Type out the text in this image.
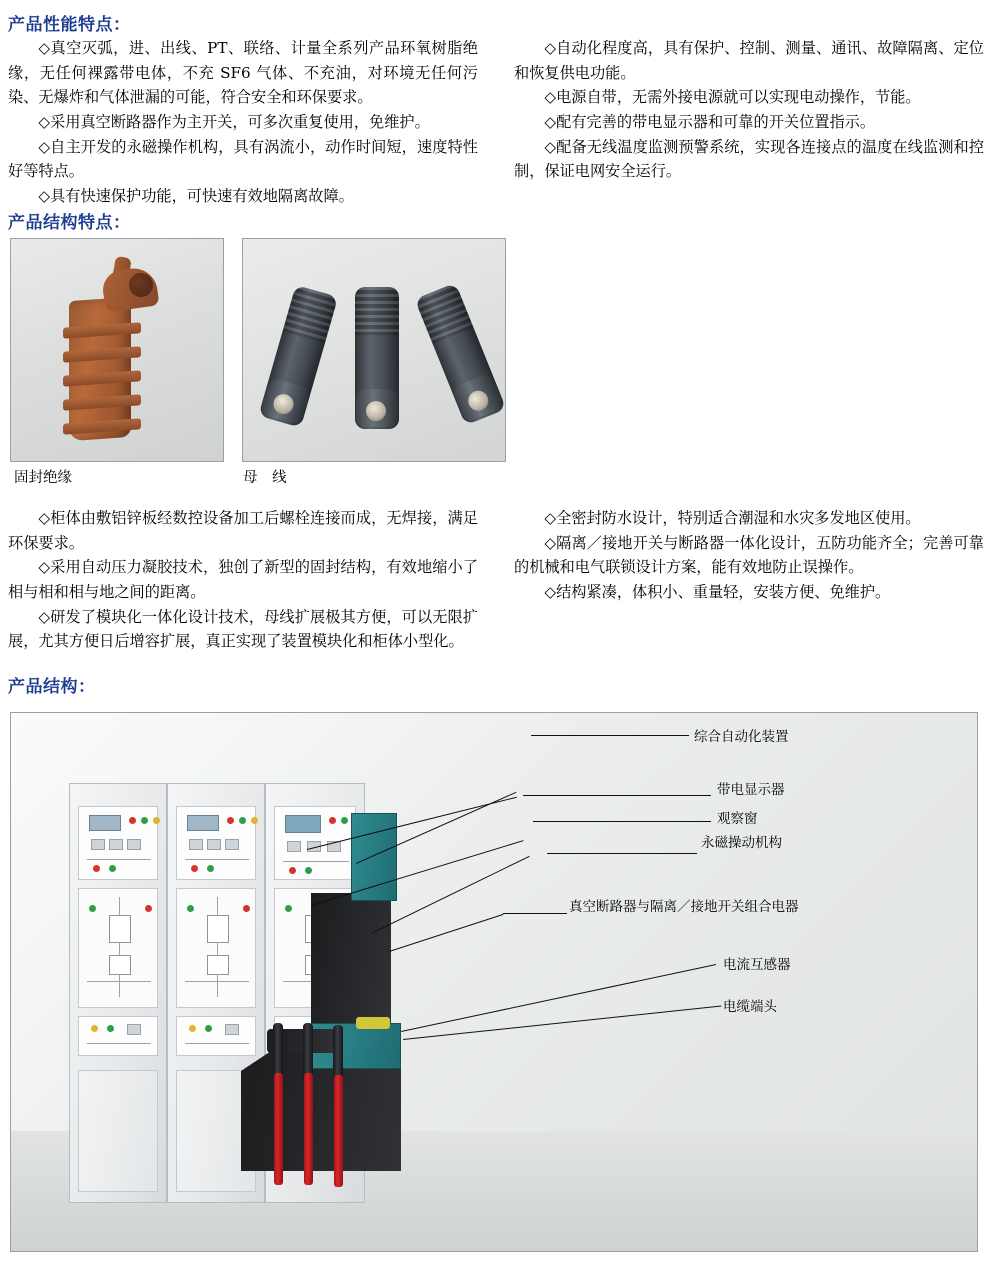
产品性能特点：

◇真空灭弧，进、出线、PT、联络、计量全系列产品环氧树脂绝缘，无任何裸露带电体，不充 SF6 气体、不充油，对环境无任何污染、无爆炸和气体泄漏的可能，符合安全和环保要求。

◇采用真空断路器作为主开关，可多次重复使用，免维护。

◇自主开发的永磁操作机构，具有涡流小，动作时间短，速度特性好等特点。

◇具有快速保护功能，可快速有效地隔离故障。

◇自动化程度高，具有保护、控制、测量、通讯、故障隔离、定位和恢复供电功能。

◇电源自带，无需外接电源就可以实现电动操作，节能。

◇配有完善的带电显示器和可靠的开关位置指示。

◇配备无线温度监测预警系统，实现各连接点的温度在线监测和控制，保证电网安全运行。

产品结构特点：
固封绝缘	母 线

◇柜体由敷铝锌板经数控设备加工后螺栓连接而成，无焊接，满足环保要求。

◇采用自动压力凝胶技术，独创了新型的固封结构，有效地缩小了相与相和相与地之间的距离。

◇研发了模块化一体化设计技术，母线扩展极其方便，可以无限扩展，尤其方便日后增容扩展，真正实现了装置模块化和柜体小型化。

◇全密封防水设计，特别适合潮湿和水灾多发地区使用。

◇隔离／接地开关与断路器一体化设计，五防功能齐全；完善可靠的机械和电气联锁设计方案，能有效地防止误操作。

◇结构紧凑，体积小、重量轻，安装方便、免维护。

产品结构：
综合自动化装置
带电显示器
观察窗
永磁操动机构
真空断路器与隔离／接地开关组合电器
电流互感器
电缆端头
